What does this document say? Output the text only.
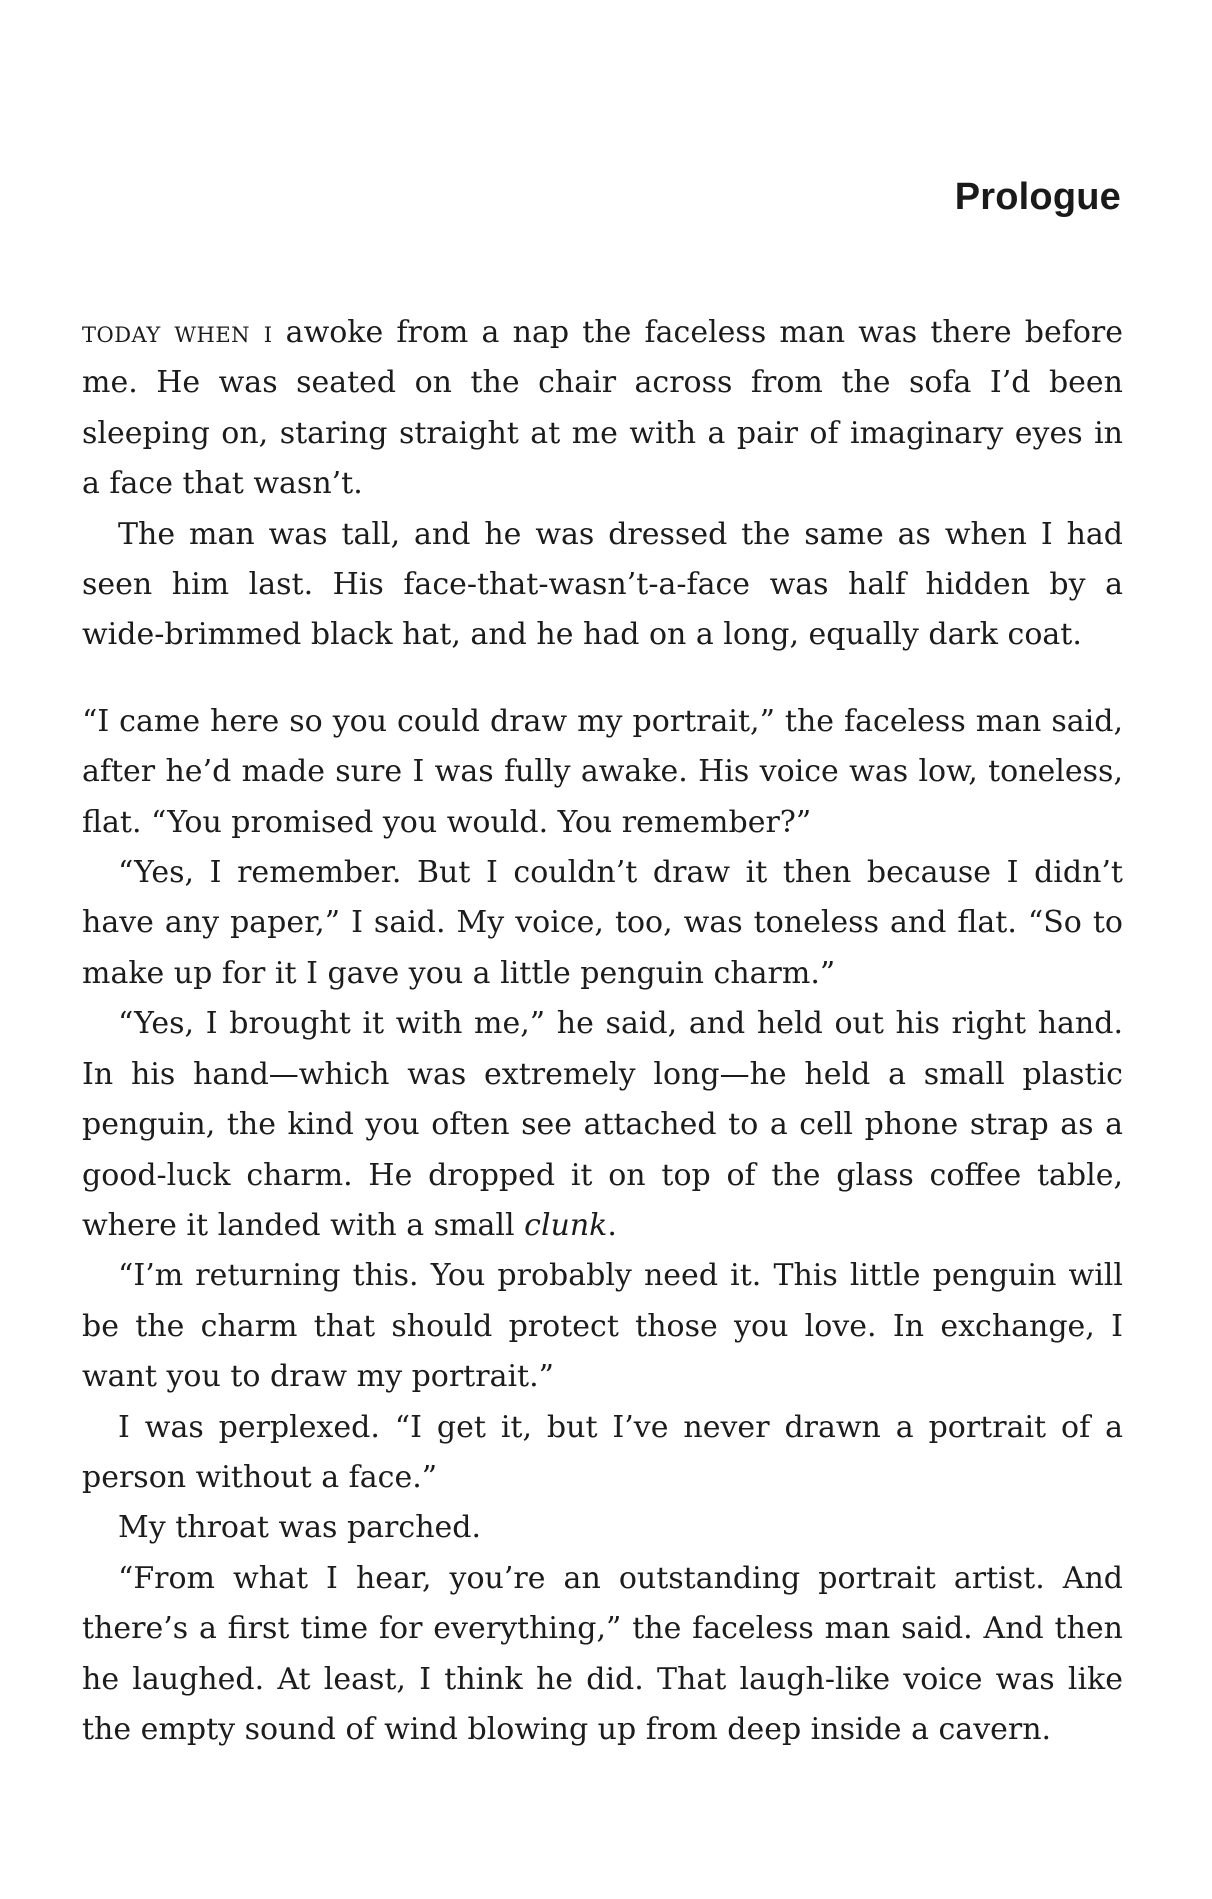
Prologue

today when i awoke from a nap the faceless man was there before me. He was seated on the chair across from the sofa I’d been sleeping on, staring straight at me with a pair of imaginary eyes in a face that wasn’t.

The man was tall, and he was dressed the same as when I had seen him last. His face-that-wasn’t-a-face was half hidden by a wide-brimmed black hat, and he had on a long, equally dark coat.

“I came here so you could draw my portrait,” the faceless man said, after he’d made sure I was fully awake. His voice was low, toneless, flat. “You promised you would. You remember?”

“Yes, I remember. But I couldn’t draw it then because I didn’t have any paper,” I said. My voice, too, was toneless and flat. “So to make up for it I gave you a little penguin charm.”

“Yes, I brought it with me,” he said, and held out his right hand. In his hand—which was extremely long—he held a small plastic penguin, the kind you often see attached to a cell phone strap as a good-luck charm. He dropped it on top of the glass coffee table, where it landed with a small clunk.

“I’m returning this. You probably need it. This little penguin will be the charm that should protect those you love. In exchange, I want you to draw my portrait.”

I was perplexed. “I get it, but I’ve never drawn a portrait of a person without a face.”

My throat was parched.

“From what I hear, you’re an outstanding portrait artist. And there’s a first time for everything,” the faceless man said. And then he laughed. At least, I think he did. That laugh-like voice was like the empty sound of wind blowing up from deep inside a cavern.
